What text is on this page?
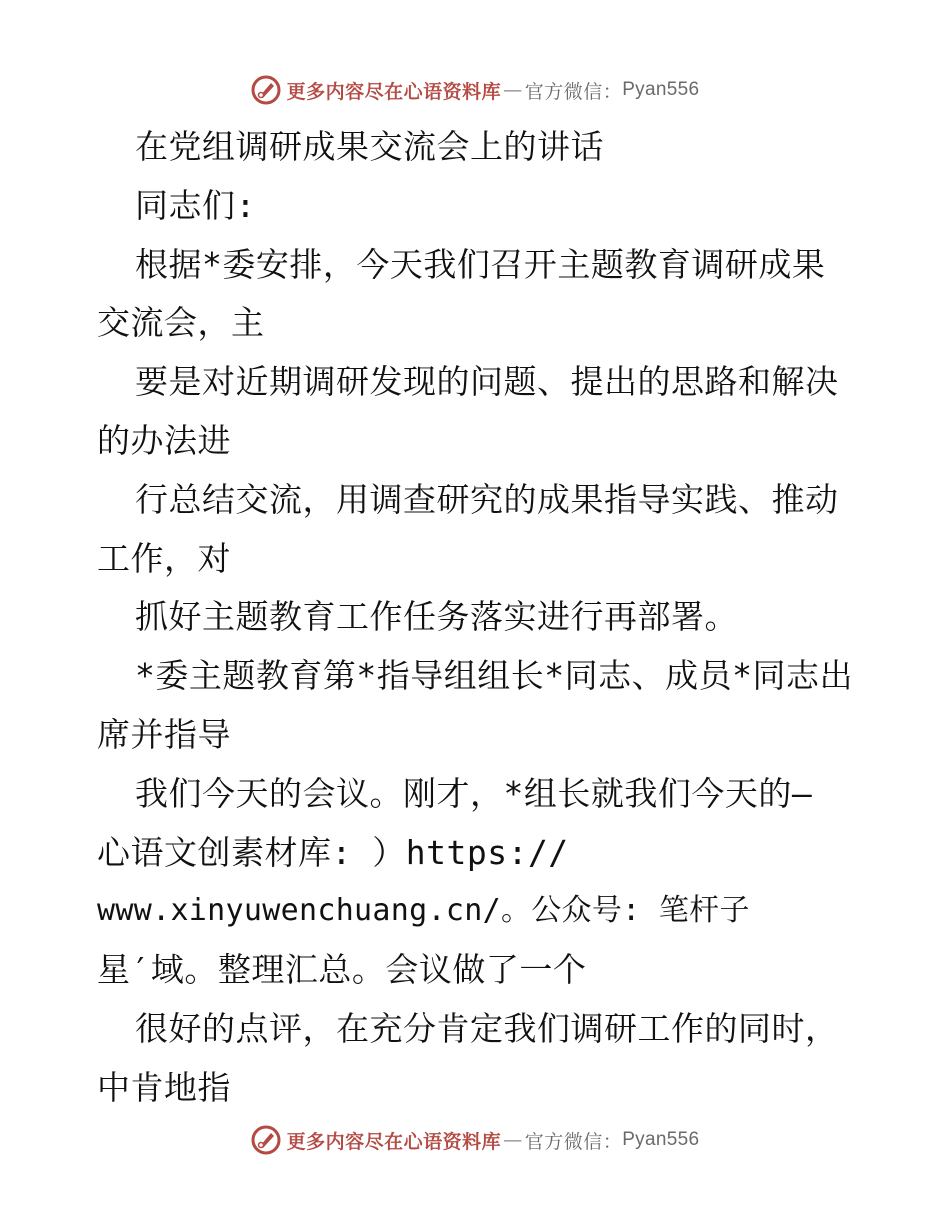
更多内容尽在心语资料库 — 官方微信： Pyan556
在党组调研成果交流会上的讲话
同志们:
根据*委安排，今天我们召开主题教育调研成果
交流会，主
要是对近期调研发现的问题、提出的思路和解决
的办法进
行总结交流，用调查研究的成果指导实践、推动
工作，对
抓好主题教育工作任务落实进行再部署。
*委主题教育第*指导组组长*同志、成员*同志出
席并指导
我们今天的会议。刚才，*组长就我们今天的—
心语文创素材库: ）https://
www.xinyuwenchuang.cn/。公众号: 笔杆子
星′域。整理汇总。会议做了一个
很好的点评，在充分肯定我们调研工作的同时，
中肯地指
更多内容尽在心语资料库 — 官方微信： Pyan556
